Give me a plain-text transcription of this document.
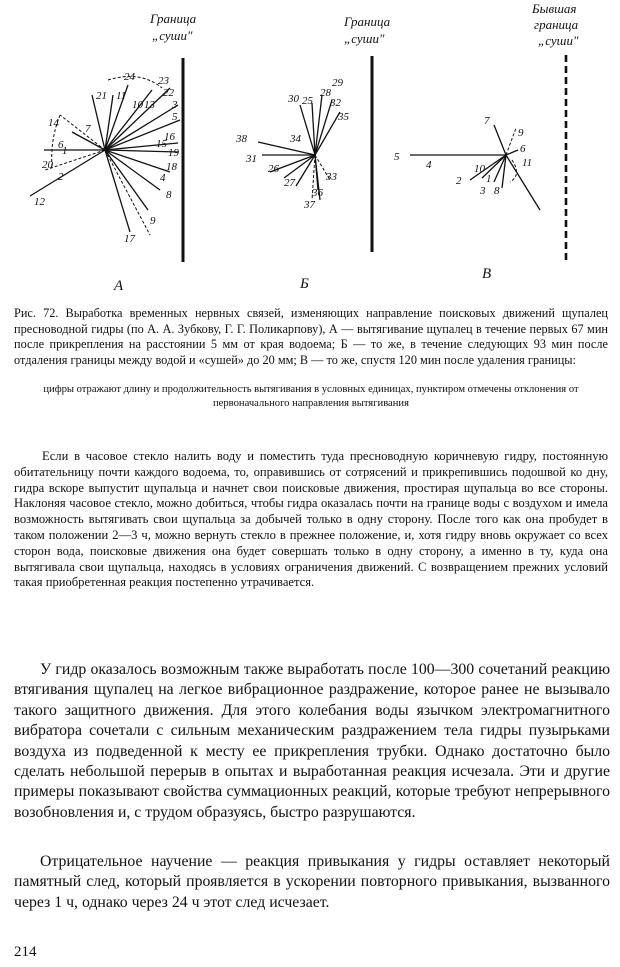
Граница
„суши"
24 23
22
21 11
10 13 3
5
14 7
15
19
18
4
20
2
1
12
6
8
9
17
16
А
Граница
„суши"
29
30 25
28
32
35
38	34
31
26
27
36
33
37
Б
Бывшая
граница
„суши"
7
9
5
4
6
11
10
2
3 8
1
В
Рис. 72. Выработка временных нервных связей, изменяющих направление поисковых движений щупалец пресноводной гидры (по А. А. Зубкову, Г. Г. Поликарпову), А — вытягивание щупалец в течение первых 67 мин после прикрепления на расстоянии 5 мм от края водоема; Б — то же, в течение следующих 93 мин после отдаления границы между водой и «сушей» до 20 мм; В — то же, спустя 120 мин после удаления границы:
цифры отражают длину и продолжительность вытягивания в условных единицах, пунктиром отмечены отклонения от первоначального направления вытягивания
Если в часовое стекло налить воду и поместить туда пресноводную коричневую гидру, постоянную обитательницу почти каждого водоема, то, оправившись от сотрясений и прикрепившись подошвой ко дну, гидра вскоре выпустит щупальца и начнет свои поисковые движения, простирая щупальца во все стороны. Наклоняя часовое стекло, можно добиться, чтобы гидра оказалась почти на границе воды с воздухом и имела возможность вытягивать свои щупальца за добычей только в одну сторону. После того как она пробудет в таком положении 2—3 ч, можно вернуть стекло в прежнее положение, и, хотя гидру вновь окружает со всех сторон вода, поисковые движения она будет совершать только в одну сторону, а именно в ту, куда она вытягивала свои щупальца, находясь в условиях ограничения движений. С возвращением прежних условий такая приобретенная реакция постепенно утрачивается.
У гидр оказалось возможным также выработать после 100—300 сочетаний реакцию втягивания щупалец на легкое вибрационное раздражение, которое ранее не вызывало такого защитного движения. Для этого колебания воды язычком электромагнитного вибратора сочетали с сильным механическим раздражением тела гидры пузырьками воздуха из подведенной к месту ее прикрепления трубки. Однако достаточно было сделать небольшой перерыв в опытах и выработанная реакция исчезала. Эти и другие примеры показывают свойства суммационных реакций, которые требуют непрерывного возобновления и, с трудом образуясь, быстро разрушаются.
Отрицательное научение — реакция привыкания у гидры оставляет некоторый памятный след, который проявляется в ускорении повторного привыкания, вызванного через 1 ч, однако через 24 ч этот след исчезает.
214
